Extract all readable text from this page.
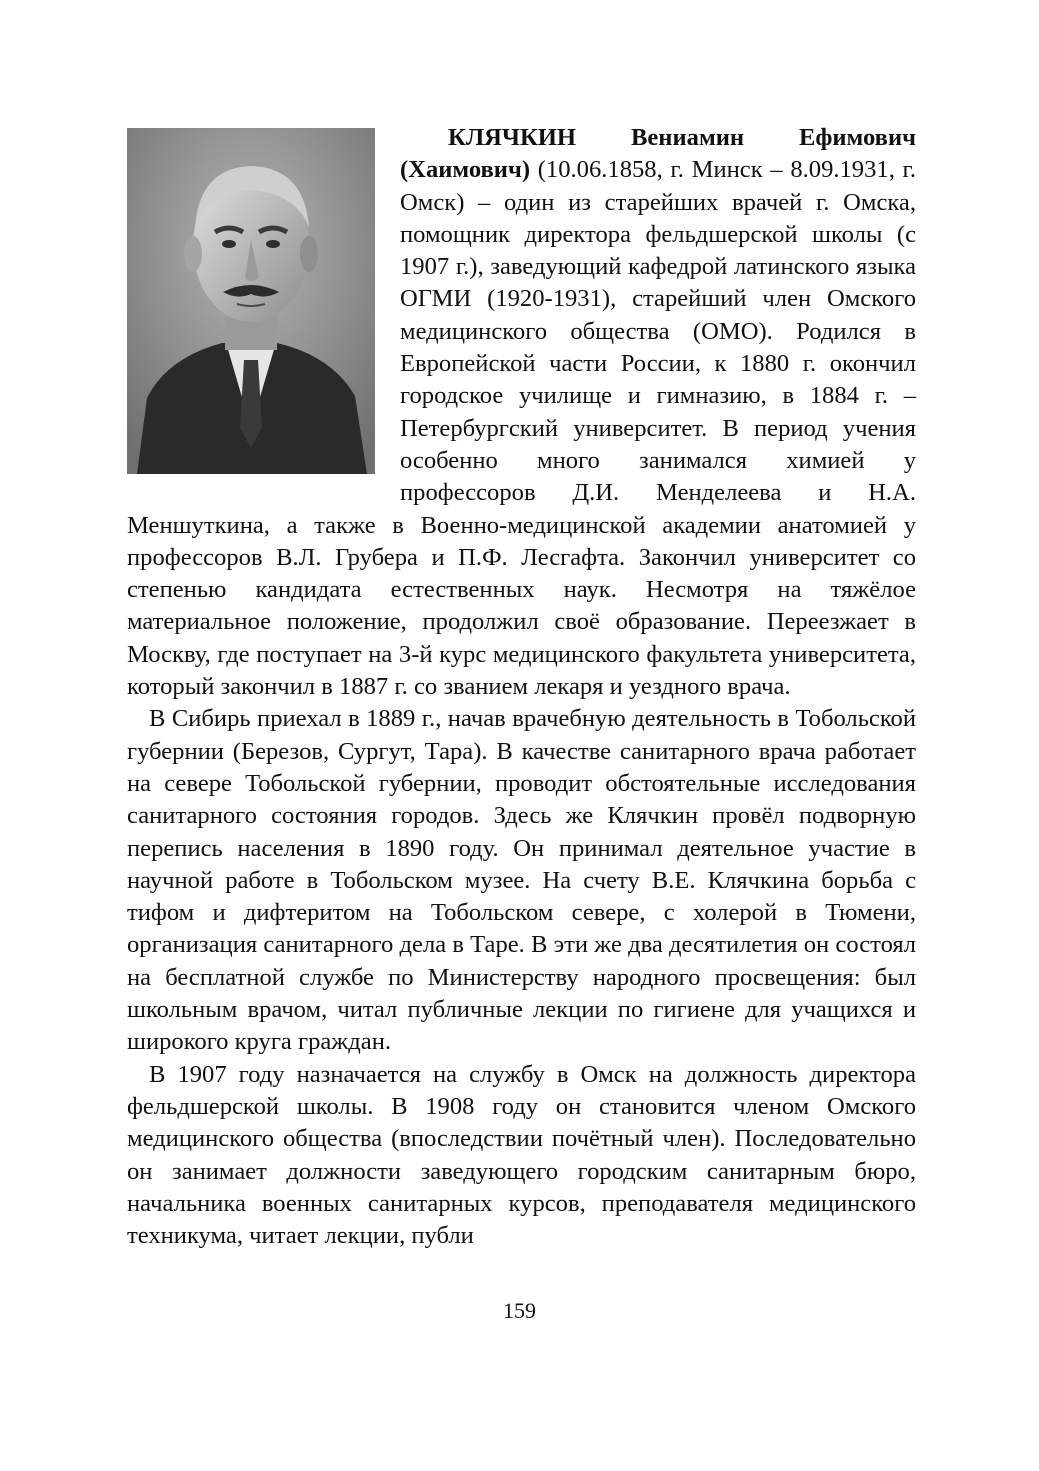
КЛЯЧКИН Вениамин Ефимович (Хаимович) (10.06.1858, г. Минск – 8.09.1931, г. Омск) – один из старейших врачей г. Омска, помощник директора фельдшерской школы (с 1907 г.), заведующий кафедрой латинского языка ОГМИ (1920-1931), старейший член Омского медицинского общества (ОМО). Родился в Европейской части России, к 1880 г. окончил городское училище и гимназию, в 1884 г. – Петербургский университет. В период учения особенно много занимался химией у профессоров Д.И. Менделеева и Н.А. Меншуткина, а также в Военно-медицинской академии анатомией у профессоров В.Л. Грубера и П.Ф. Лесгафта. Закончил университет со степенью кандидата естественных наук. Несмотря на тяжёлое материальное положение, продолжил своё образование. Переезжает в Москву, где поступает на 3-й курс медицинского факультета университета, который закончил в 1887 г. со званием лекаря и уездного врача.

В Сибирь приехал в 1889 г., начав врачебную деятельность в Тобольской губернии (Березов, Сургут, Тара). В качестве санитарного врача работает на севере Тобольской губернии, проводит обстоятельные исследования санитарного состояния городов. Здесь же Клячкин провёл подворную перепись населения в 1890 году. Он принимал деятельное участие в научной работе в Тобольском музее. На счету В.Е. Клячкина борьба с тифом и дифтеритом на Тобольском севере, с холерой в Тюмени, организация санитарного дела в Таре. В эти же два десятилетия он состоял на бесплатной службе по Министерству народного просвещения: был школьным врачом, читал публичные лекции по гигиене для учащихся и широкого круга граждан.

В 1907 году назначается на службу в Омск на должность директора фельдшерской школы. В 1908 году он становится членом Омского медицинского общества (впоследствии почётный член). Последовательно он занимает должности заведующего городским санитарным бюро, начальника военных санитарных курсов, преподавателя медицинского техникума, читает лекции, публи

159
